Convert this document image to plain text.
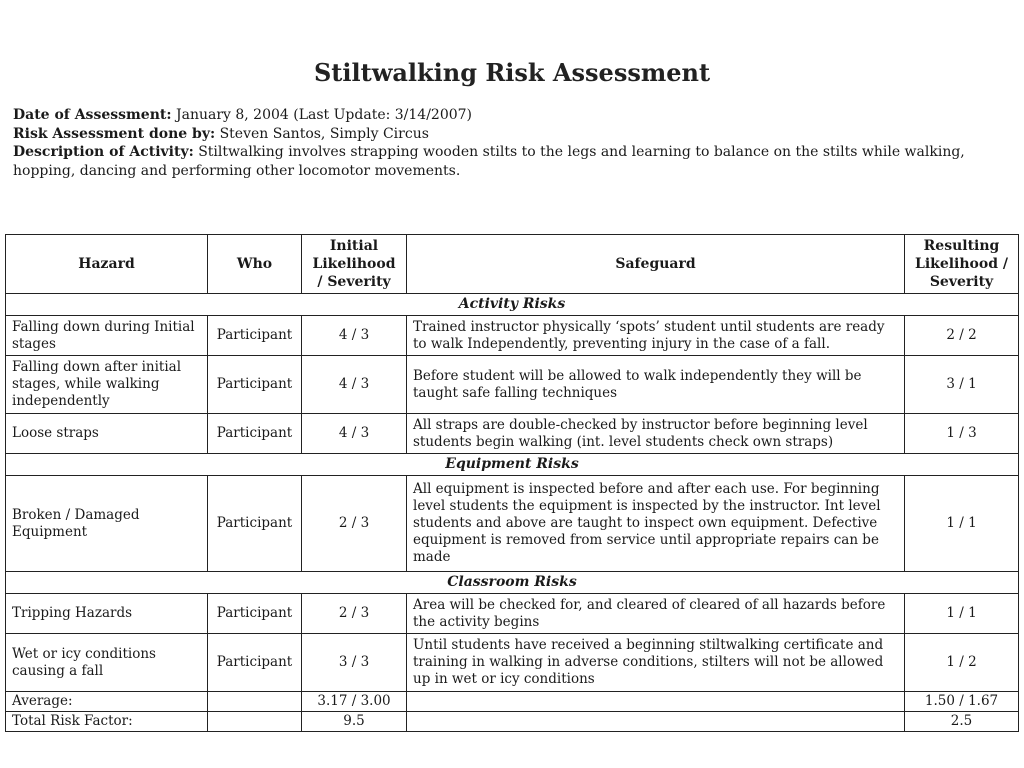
Stiltwalking Risk Assessment

Date of Assessment: January 8, 2004 (Last Update: 3/14/2007)

Risk Assessment done by: Steven Santos, Simply Circus

Description of Activity: Stiltwalking involves strapping wooden stilts to the legs and learning to balance on the stilts while walking, hopping, dancing and performing other locomotor movements.

Hazard	Who	Initial Likelihood / Severity	Safeguard	Resulting Likelihood / Severity
Activity Risks				
Falling down during Initial stages	Participant	4 / 3	Trained instructor physically ‘spots’ student until students are ready to walk Independently, preventing injury in the case of a fall.	2 / 2
Falling down after initial stages, while walking independently	Participant	4 / 3	Before student will be allowed to walk independently they will be taught safe falling techniques	3 / 1
Loose straps	Participant	4 / 3	All straps are double-checked by instructor before beginning level students begin walking (int. level students check own straps)	1 / 3
Equipment Risks				
Broken / Damaged Equipment	Participant	2 / 3	All equipment is inspected before and after each use. For beginning level students the equipment is inspected by the instructor. Int level students and above are taught to inspect own equipment. Defective equipment is removed from service until appropriate repairs can be made	1 / 1
Classroom Risks				
Tripping Hazards	Participant	2 / 3	Area will be checked for, and cleared of cleared of all hazards before the activity begins	1 / 1
Wet or icy conditions causing a fall	Participant	3 / 3	Until students have received a beginning stiltwalking certificate and training in walking in adverse conditions, stilters will not be allowed up in wet or icy conditions	1 / 2
Average:		3.17 / 3.00		1.50 / 1.67
Total Risk Factor:		9.5		2.5
